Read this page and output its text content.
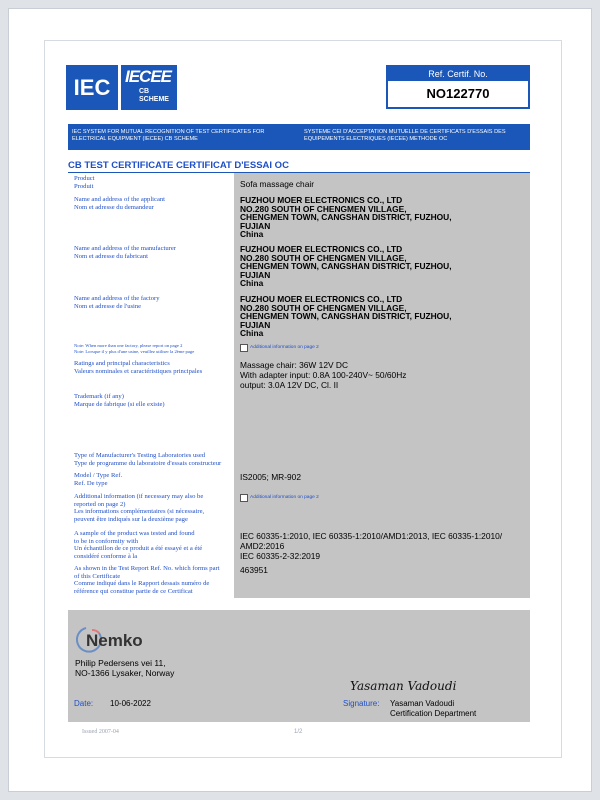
IEC IECEE
CB
SCHEME
Ref. Certif. No.
NO122770
IEC SYSTEM FOR MUTUAL RECOGNITION OF TEST CERTIFICATES FOR ELECTRICAL EQUIPMENT (IECEE) CB SCHEME
SYSTEME CEI D'ACCEPTATION MUTUELLE DE CERTIFICATS D'ESSAIS DES EQUIPEMENTS ELECTRIQUES (IECEE) METHODE OC
CB TEST CERTIFICATE CERTIFICAT D'ESSAI OC
Product
Produit	Sofa massage chair
Name and address of the applicant
Nom et adresse du demandeur
FUZHOU MOER ELECTRONICS CO., LTD
NO.280 SOUTH OF CHENGMEN VILLAGE,
CHENGMEN TOWN, CANGSHAN DISTRICT, FUZHOU,
FUJIAN
China
Name and address of the manufacturer
Nom et adresse du fabricant
FUZHOU MOER ELECTRONICS CO., LTD
NO.280 SOUTH OF CHENGMEN VILLAGE,
CHENGMEN TOWN, CANGSHAN DISTRICT, FUZHOU,
FUJIAN
China
Name and address of the factory
Nom et adresse de l'usine
FUZHOU MOER ELECTRONICS CO., LTD
NO.280 SOUTH OF CHENGMEN VILLAGE,
CHENGMEN TOWN, CANGSHAN DISTRICT, FUZHOU,
FUJIAN
China
Note: When more than one factory, please report on page 2
Note: Lorsque il y plus d'une usine, veuillez utiliser la 2ème page
Additional information on page 2
Ratings and principal characteristics
Valeurs nominales et caractéristiques principales
Massage chair: 36W 12V DC
With adapter input: 0.8A 100-240V~ 50/60Hz
output: 3.0A 12V DC, Cl. II
Trademark (if any)
Marque de fabrique (si elle existe)
Type of Manufacturer's Testing Laboratories used
Type de programme du laboratoire d'essais constructeur
Model / Type Ref.
Ref. De type
IS2005; MR-902
Additional information (if necessary may also be
reported on page 2)
Les informations complémentaires (si nécessaire,
peuvent être indiqués sur la deuxième page
Additional information on page 2
A sample of the product was tested and found
to be in conformity with
Un échantillon de ce produit a été essayé et a été
considéré conforme à la
IEC 60335-1:2010, IEC 60335-1:2010/AMD1:2013, IEC 60335-1:2010/
AMD2:2016
IEC 60335-2-32:2019
As shown in the Test Report Ref. No. which forms part
of this Certificate
Comme indiqué dans le Rapport dessais numéro de
référence qui constitue partie de ce Certificat
463951
Nemko
Philip Pedersens vei 11,
NO-1366 Lysaker, Norway
Date: 10-06-2022
Yasaman Vadoudi
Signature: Yasaman Vadoudi
Certification Department
Issued 2007-04	1/2
